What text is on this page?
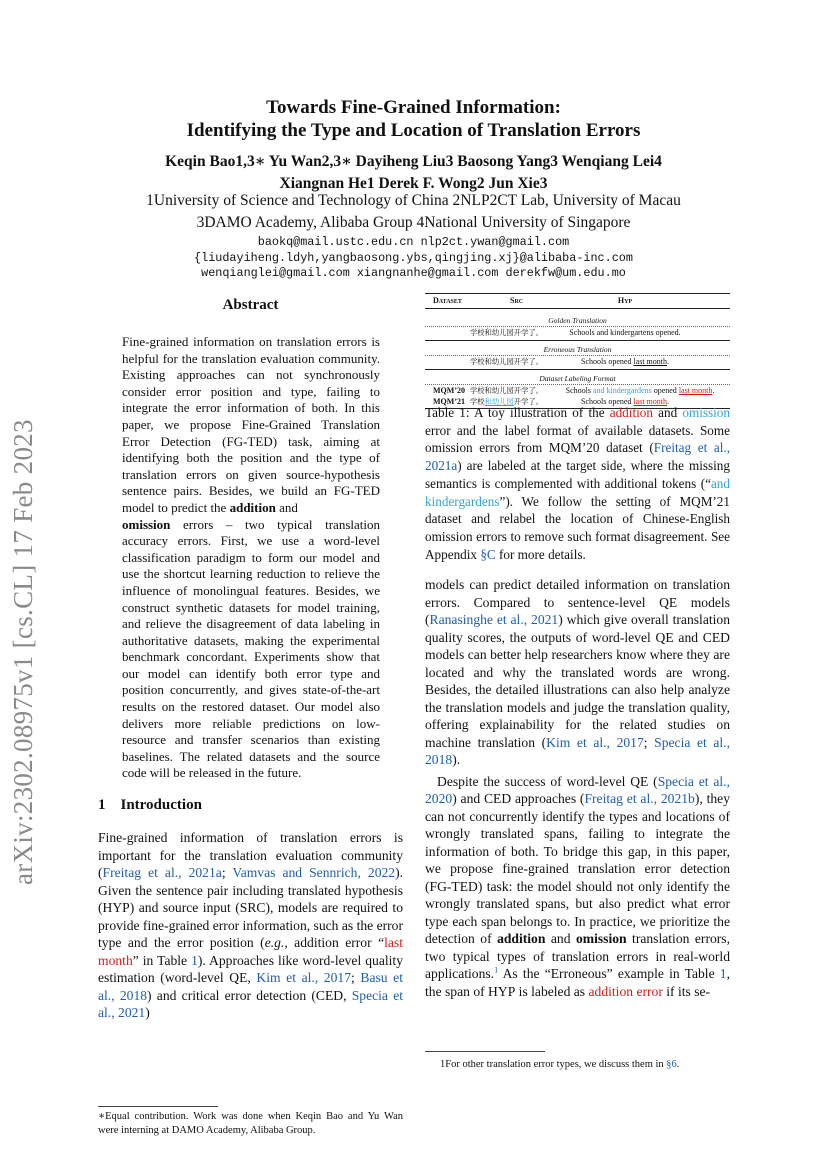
arXiv:2302.08975v1 [cs.CL] 17 Feb 2023
Towards Fine-Grained Information:
Identifying the Type and Location of Translation Errors
Keqin Bao1,3∗ Yu Wan2,3∗ Dayiheng Liu3 Baosong Yang3 Wenqiang Lei4
Xiangnan He1 Derek F. Wong2 Jun Xie3
1University of Science and Technology of China 2NLP2CT Lab, University of Macau
3DAMO Academy, Alibaba Group 4National University of Singapore
baokq@mail.ustc.edu.cn nlp2ct.ywan@gmail.com
{liudayiheng.ldyh,yangbaosong.ybs,qingjing.xj}@alibaba-inc.com
wenqianglei@gmail.com xiangnanhe@gmail.com derekfw@um.edu.mo
Abstract
Fine-grained information on translation errors is helpful for the translation evaluation community. Existing approaches can not synchronously consider error position and type, failing to integrate the error information of both. In this paper, we propose Fine-Grained Translation Error Detection (FG-TED) task, aiming at identifying both the position and the type of translation errors on given source-hypothesis sentence pairs. Besides, we build an FG-TED model to predict the addition and
omission errors – two typical translation accuracy errors. First, we use a word-level classification paradigm to form our model and use the shortcut learning reduction to relieve the influence of monolingual features. Besides, we construct synthetic datasets for model training, and relieve the disagreement of data labeling in authoritative datasets, making the experimental benchmark concordant. Experiments show that our model can identify both error type and position concurrently, and gives state-of-the-art results on the restored dataset. Our model also delivers more reliable predictions on low-resource and transfer scenarios than existing baselines. The related datasets and the source code will be released in the future.
1 Introduction
Fine-grained information of translation errors is important for the translation evaluation community (Freitag et al., 2021a; Vamvas and Sennrich, 2022). Given the sentence pair including translated hypothesis (HYP) and source input (SRC), models are required to provide fine-grained error information, such as the error type and the error position (e.g., addition error “last month” in Table 1). Approaches like word-level quality estimation (word-level QE, Kim et al., 2017; Basu et al., 2018) and critical error detection (CED, Specia et al., 2021)
∗Equal contribution. Work was done when Keqin Bao and Yu Wan were interning at DAMO Academy, Alibaba Group.
Dataset	Src	Hyp
Golden Translation
学校和幼儿园开学了。	Schools and kindergartens opened.
Erroneous Translation
学校和幼儿园开学了。	Schools opened last month.
Dataset Labeling Format
MQM’20 学校和幼儿园开学了。	Schools and kindergardens opened last month.
MQM’21 学校和幼儿园开学了。	Schools opened last month.
Table 1: A toy illustration of the addition and omission error and the label format of available datasets. Some omission errors from MQM’20 dataset (Freitag et al., 2021a) are labeled at the target side, where the missing semantics is complemented with additional tokens (“and kindergardens”). We follow the setting of MQM’21 dataset and relabel the location of Chinese-English omission errors to remove such format disagreement. See Appendix §C for more details.

models can predict detailed information on translation errors. Compared to sentence-level QE models (Ranasinghe et al., 2021) which give overall translation quality scores, the outputs of word-level QE and CED models can better help researchers know where they are located and why the translated words are wrong. Besides, the detailed illustrations can also help analyze the translation models and judge the translation quality, offering explainability for the related studies on machine translation (Kim et al., 2017; Specia et al., 2018).

Despite the success of word-level QE (Specia et al., 2020) and CED approaches (Freitag et al., 2021b), they can not concurrently identify the types and locations of wrongly translated spans, failing to integrate the information of both. To bridge this gap, in this paper, we propose fine-grained translation error detection (FG-TED) task: the model should not only identify the wrongly translated spans, but also predict what error type each span belongs to. In practice, we prioritize the detection of addition and omission translation errors, two typical types of translation errors in real-world applications.$^1$ As the “Erroneous” example in Table 1, the span of HYP is labeled as addition error if its se-

1For other translation error types, we discuss them in §6.
